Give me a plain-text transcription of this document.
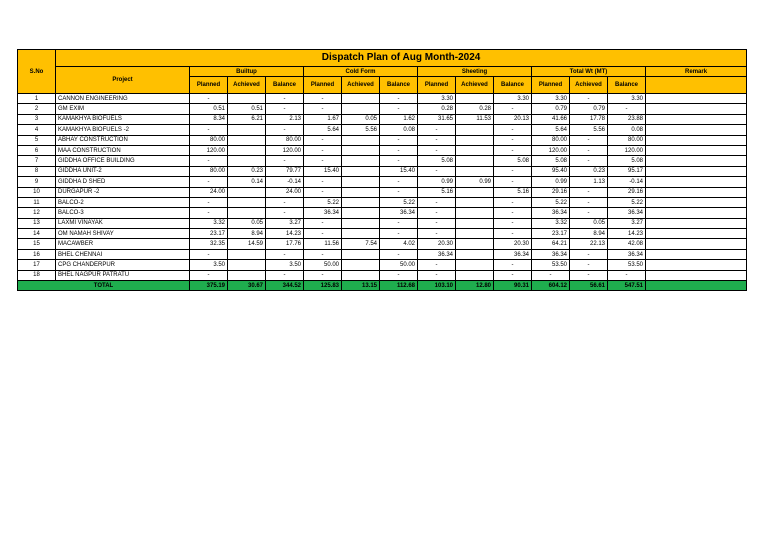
S.No	Dispatch Plan of Aug Month-2024													
	Project	Builtup			Cold Form			Sheeting			Total Wt (MT)			Remark
		Planned	Achieved	Balance	Planned	Achieved	Balance	Planned	Achieved	Balance	Planned	Achieved	Balance	
1	CANNON ENGINEERING	-		-	-		-	3.30		3.30	3.30	-	3.30	
2	GM EXIM	0.51	0.51	-	-		-	0.28	0.28	-	0.79	0.79	-	
3	KAMAKHYA BIOFUELS	8.34	6.21	2.13	1.67	0.05	1.62	31.65	11.53	20.13	41.66	17.78	23.88	
4	KAMAKHYA BIOFUELS -2	-		-	5.64	5.56	0.08	-		-	5.64	5.56	0.08	
5	ABHAY CONSTRUCTION	80.00		80.00	-		-	-		-	80.00	-	80.00	
6	MAA CONSTRUCTION	120.00		120.00	-		-	-		-	120.00	-	120.00	
7	GIDDHA OFFICE BUILDING	-		-	-		-	5.08		5.08	5.08	-	5.08	
8	GIDDHA UNIT-2	80.00	0.23	79.77	15.40		15.40	-		-	95.40	0.23	95.17	
9	GIDDHA D SHED	-	0.14	-0.14	-		-	0.99	0.99	-	0.99	1.13	-0.14	
10	DURGAPUR -2	24.00		24.00	-		-	5.16		5.16	29.16	-	29.16	
11	BALCO-2	-		-	5.22		5.22	-		-	5.22	-	5.22	
12	BALCO-3	-		-	36.34		36.34	-		-	36.34	-	36.34	
13	LAXMI VINAYAK	3.32	0.05	3.27	-		-	-		-	3.32	0.05	3.27	
14	OM NAMAH SHIVAY	23.17	8.94	14.23	-		-	-		-	23.17	8.94	14.23	
15	MACAWBER	32.35	14.59	17.76	11.56	7.54	4.02	20.30		20.30	64.21	22.13	42.08	
16	BHEL CHENNAI	-		-	-		-	36.34		36.34	36.34	-	36.34	
17	CPG CHANDERPUR	3.50		3.50	50.00		50.00	-		-	53.50	-	53.50	
18	BHEL NAGPUR PATRATU	-		-	-		-	-		-	-	-	-	
TOTAL		375.19	30.67	344.52	125.83	13.15	112.68	103.10	12.80	90.31	604.12	56.61	547.51	
